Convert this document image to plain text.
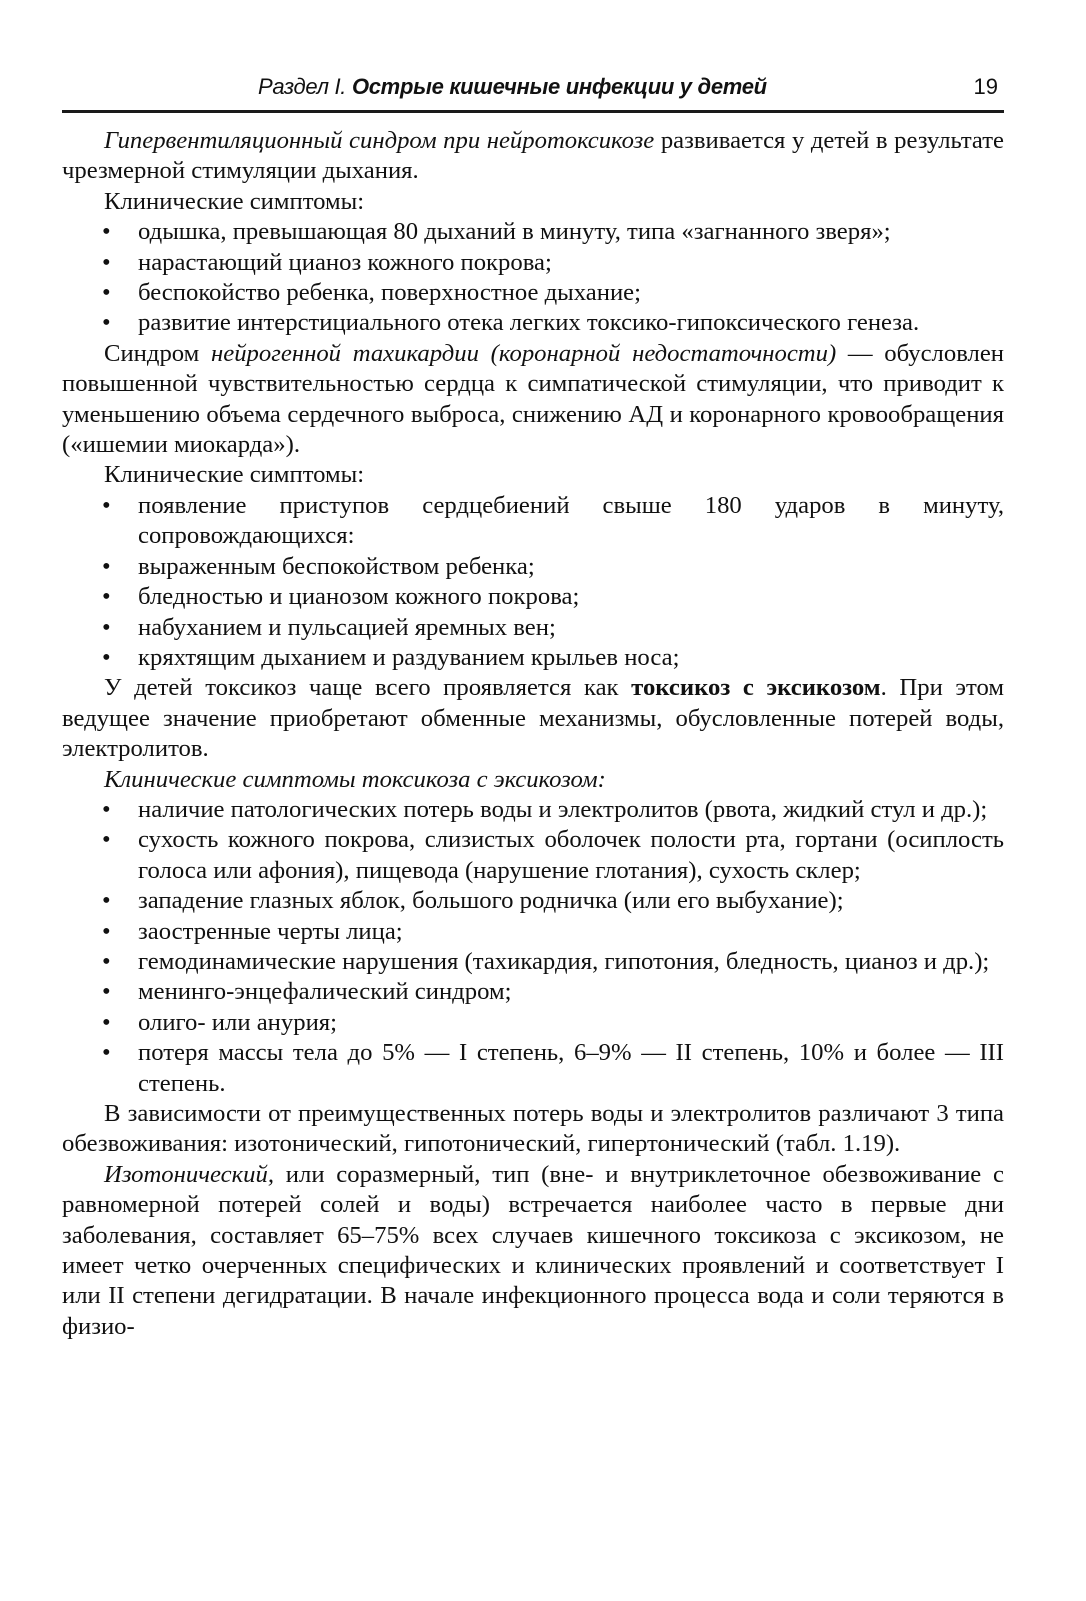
Раздел I. Острые кишечные инфекции у детей	19

Гипервентиляционный синдром при нейротоксикозе развивается у детей в результате чрезмерной стимуляции дыхания.

Клинические симптомы:

• одышка, превышающая 80 дыханий в минуту, типа «загнанного зверя»;
• нарастающий цианоз кожного покрова;
• беспокойство ребенка, поверхностное дыхание;
• развитие интерстициального отека легких токсико-гипоксического генеза.

Синдром нейрогенной тахикардии (коронарной недостаточности) — обусловлен повышенной чувствительностью сердца к симпатической стимуляции, что приводит к уменьшению объема сердечного выброса, снижению АД и коронарного кровообращения («ишемии миокарда»).

Клинические симптомы:

• появление приступов сердцебиений свыше 180 ударов в минуту, сопровождающихся:
• выраженным беспокойством ребенка;
• бледностью и цианозом кожного покрова;
• набуханием и пульсацией яремных вен;
• кряхтящим дыханием и раздуванием крыльев носа;

У детей токсикоз чаще всего проявляется как токсикоз с эксикозом. При этом ведущее значение приобретают обменные механизмы, обусловленные потерей воды, электролитов.

Клинические симптомы токсикоза с эксикозом:

• наличие патологических потерь воды и электролитов (рвота, жидкий стул и др.);
• сухость кожного покрова, слизистых оболочек полости рта, гортани (осиплость голоса или афония), пищевода (нарушение глотания), сухость склер;
• западение глазных яблок, большого родничка (или его выбухание);
• заостренные черты лица;
• гемодинамические нарушения (тахикардия, гипотония, бледность, цианоз и др.);
• менинго-энцефалический синдром;
• олиго- или анурия;
• потеря массы тела до 5% — I степень, 6–9% — II степень, 10% и более — III степень.

В зависимости от преимущественных потерь воды и электролитов различают 3 типа обезвоживания: изотонический, гипотонический, гипертонический (табл. 1.19).

Изотонический, или соразмерный, тип (вне- и внутриклеточное обезвоживание с равномерной потерей солей и воды) встречается наиболее часто в первые дни заболевания, составляет 65–75% всех случаев кишечного токсикоза с эксикозом, не имеет четко очерченных специфических и клинических проявлений и соответствует I или II степени дегидратации. В начале инфекционного процесса вода и соли теряются в физио-
